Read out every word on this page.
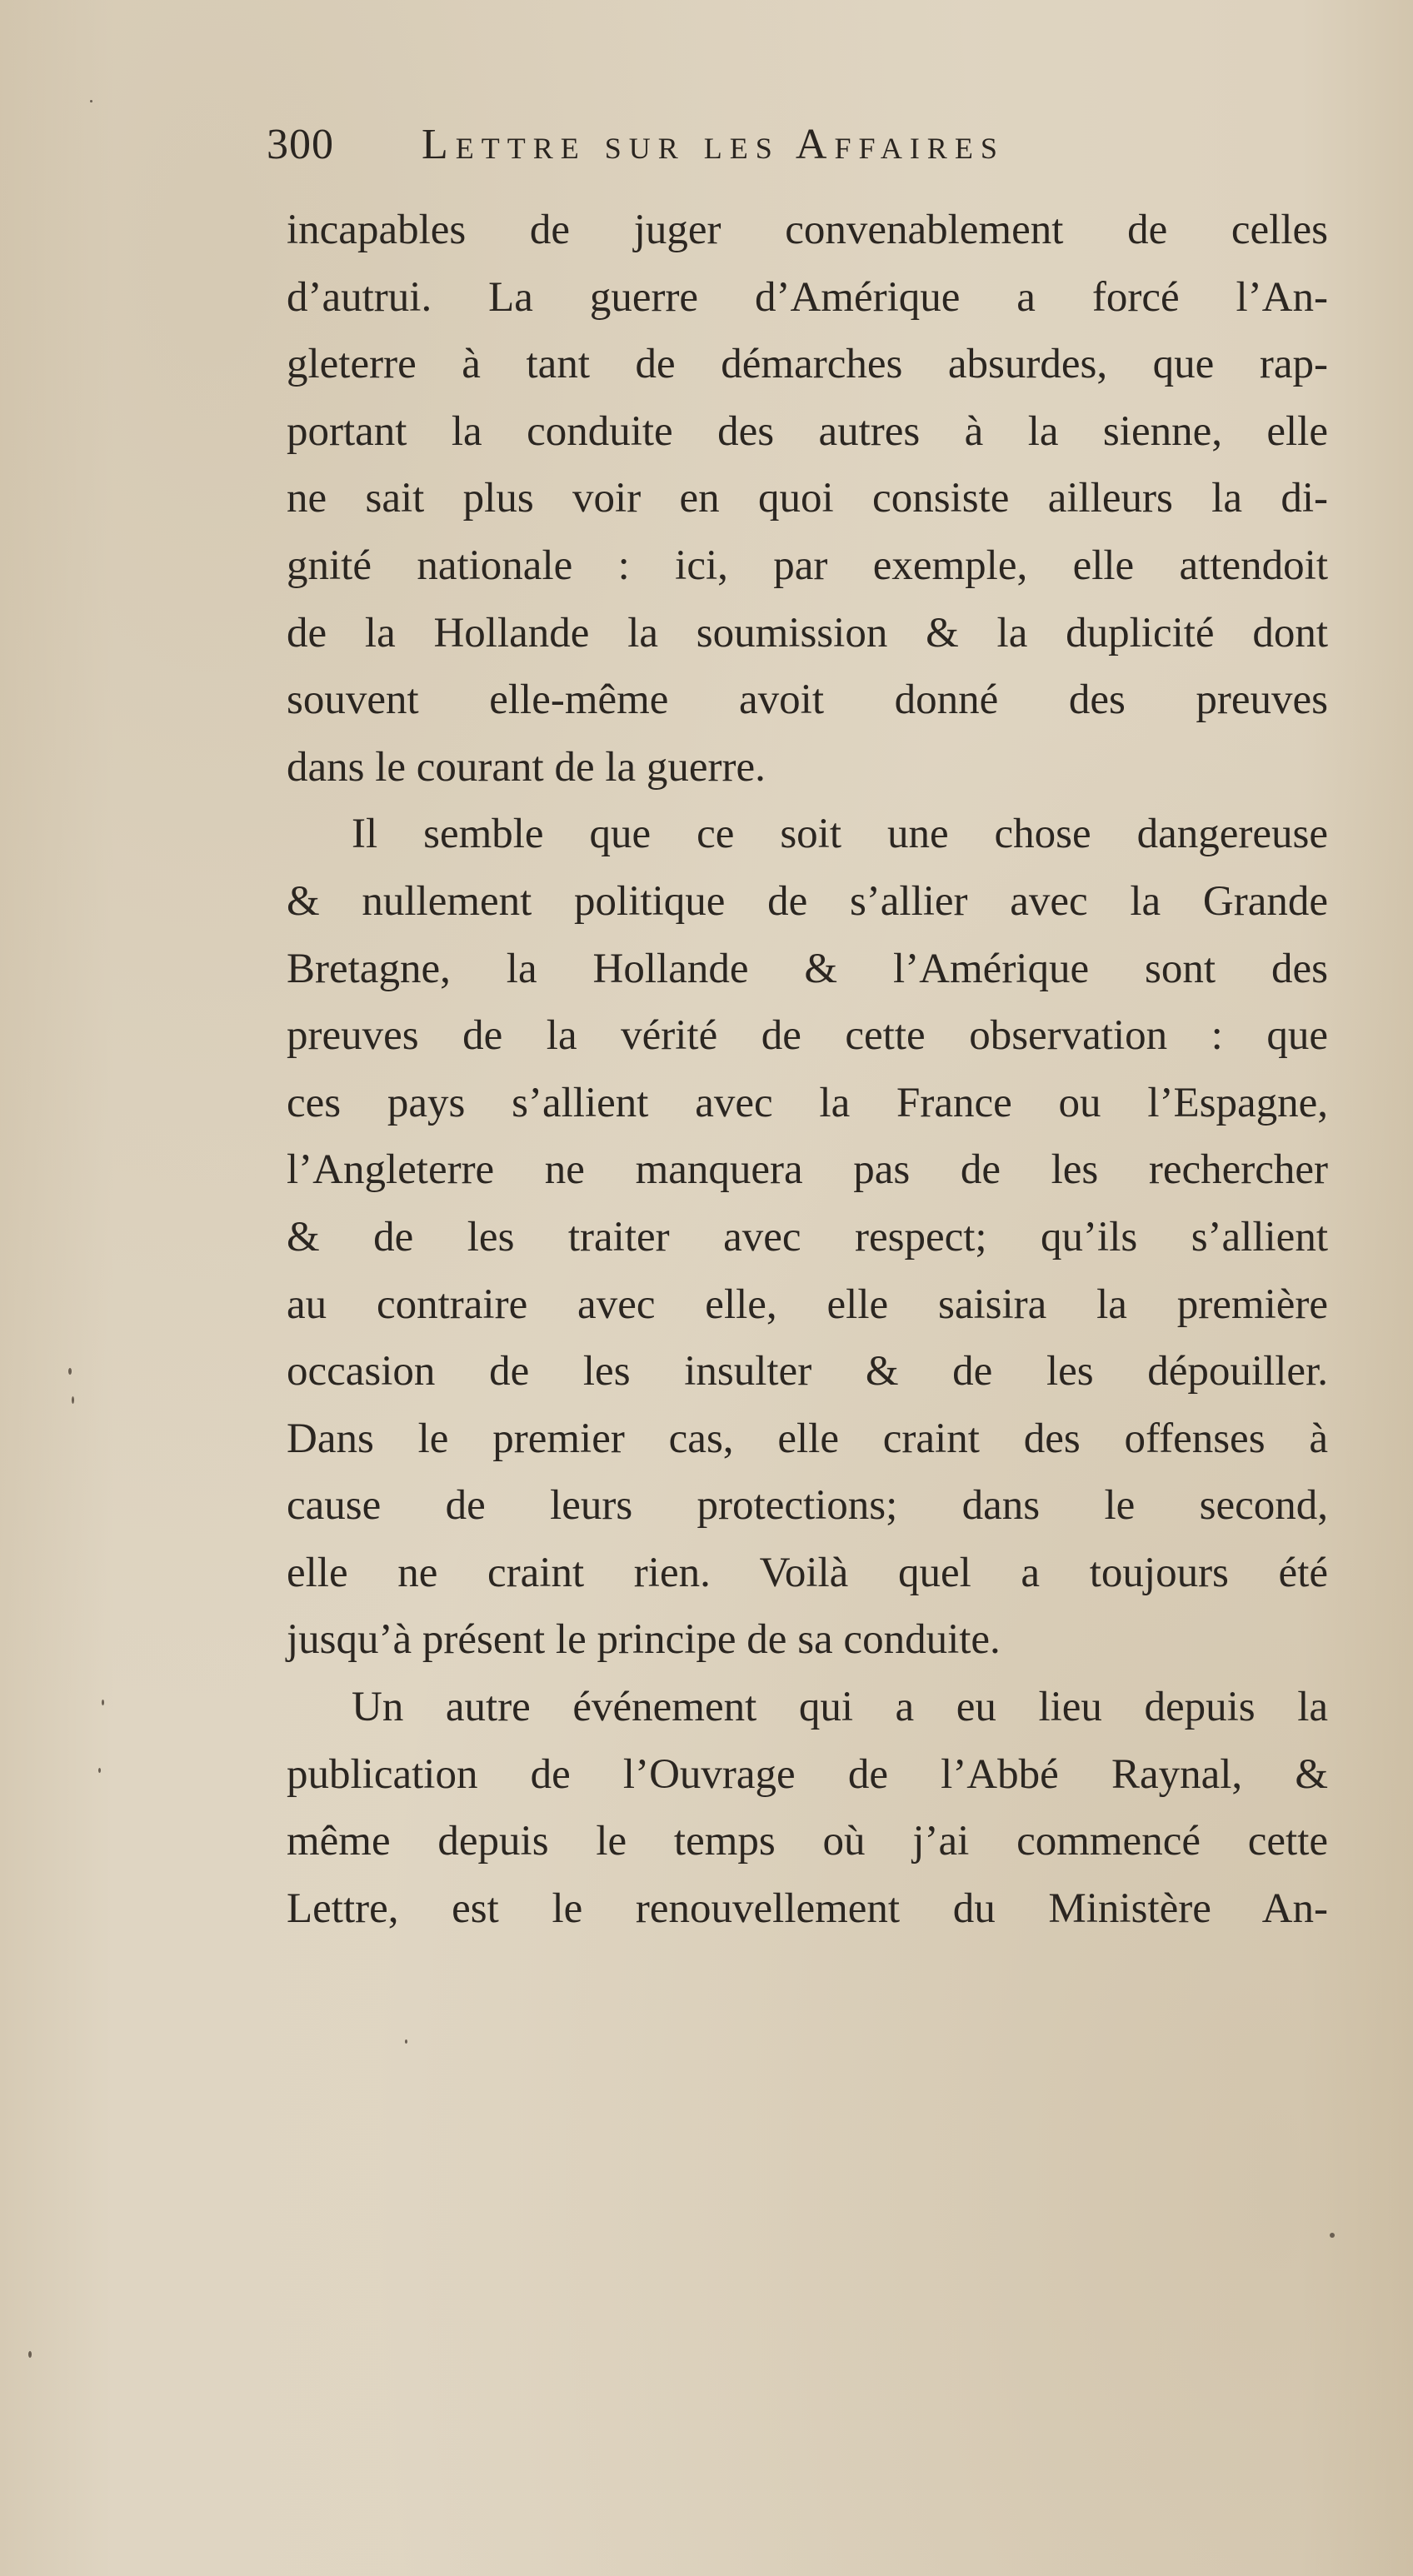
300 Lettre sur les Affaires
incapables de juger convenablement de celles
d’autrui. La guerre d’Amérique a forcé l’An-
gleterre à tant de démarches absurdes, que rap-
portant la conduite des autres à la sienne, elle
ne sait plus voir en quoi consiste ailleurs la di-
gnité nationale : ici, par exemple, elle attendoit
de la Hollande la soumission & la duplicité dont
souvent elle-même avoit donné des preuves
dans le courant de la guerre.
Il semble que ce soit une chose dangereuse
& nullement politique de s’allier avec la Grande
Bretagne, la Hollande & l’Amérique sont des
preuves de la vérité de cette observation : que
ces pays s’allient avec la France ou l’Espagne,
l’Angleterre ne manquera pas de les rechercher
& de les traiter avec respect; qu’ils s’allient
au contraire avec elle, elle saisira la première
occasion de les insulter & de les dépouiller.
Dans le premier cas, elle craint des offenses à
cause de leurs protections; dans le second,
elle ne craint rien. Voilà quel a toujours été
jusqu’à présent le principe de sa conduite.
Un autre événement qui a eu lieu depuis la
publication de l’Ouvrage de l’Abbé Raynal, &
même depuis le temps où j’ai commencé cette
Lettre, est le renouvellement du Ministère An-
